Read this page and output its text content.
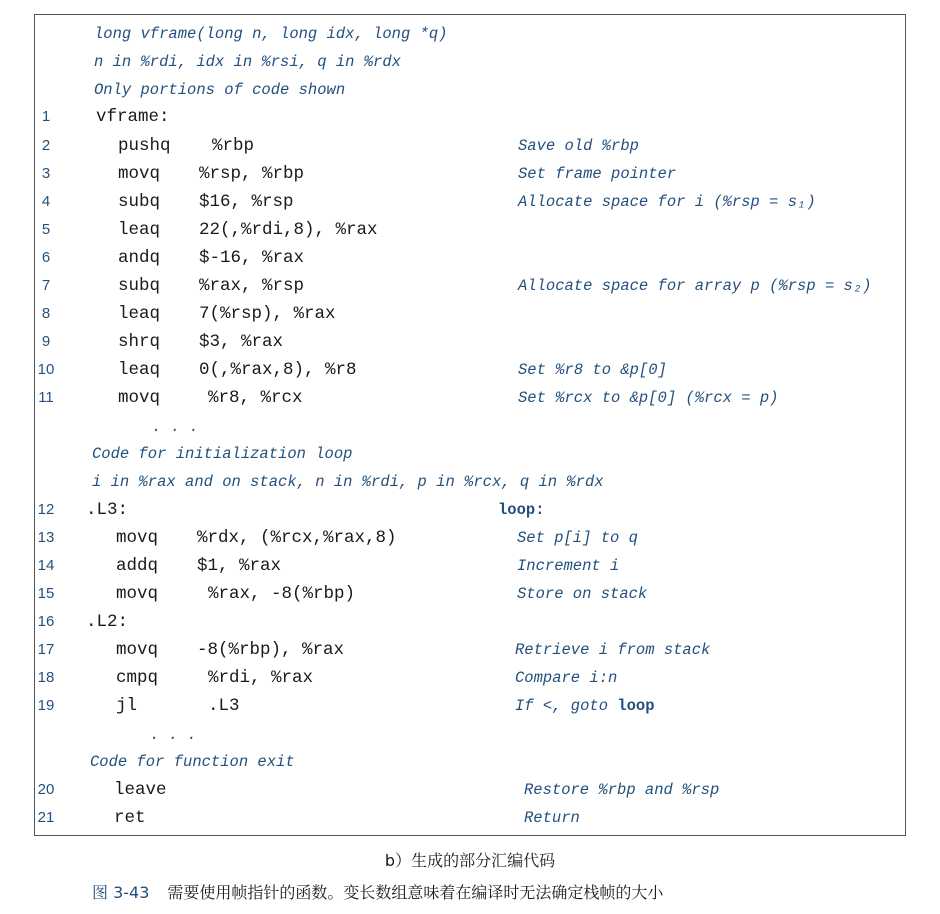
long vframe(long n, long idx, long *q)
n in %rdi, idx in %rsi, q in %rdx
Only portions of code shown
1	vframe:
2	pushq %rbp	Save old %rbp
3	movq %rsp, %rbp	Set frame pointer
4	subq $16, %rsp	Allocate space for i (%rsp = s₁)
5	leaq 22(,%rdi,8), %rax
6	andq $-16, %rax
7	subq %rax, %rsp	Allocate space for array p (%rsp = s₂)
8	leaq 7(%rsp), %rax
9	shrq $3, %rax
10	leaq 0(,%rax,8), %r8	Set %r8 to &p[0]
11	movq	%r8, %rcx	Set %rcx to &p[0] (%rcx = p)
. . .
Code for initialization loop
i in %rax and on stack, n in %rdi, p in %rcx, q in %rdx
12	.L3:	loop:
13	movq %rdx, (%rcx,%rax,8)	Set p[i] to q
14	addq $1, %rax	Increment i
15	movq	%rax, -8(%rbp)	Store on stack
16	.L2:
17	movq -8(%rbp), %rax	Retrieve i from stack
18	cmpq	%rdi, %rax	Compare i:n
19	jl	.L3	If <, goto loop
. . .
Code for function exit
20	leave	Restore %rbp and %rsp
21	ret	Return
b）生成的部分汇编代码
图 3-43 需要使用帧指针的函数。变长数组意味着在编译时无法确定栈帧的大小
